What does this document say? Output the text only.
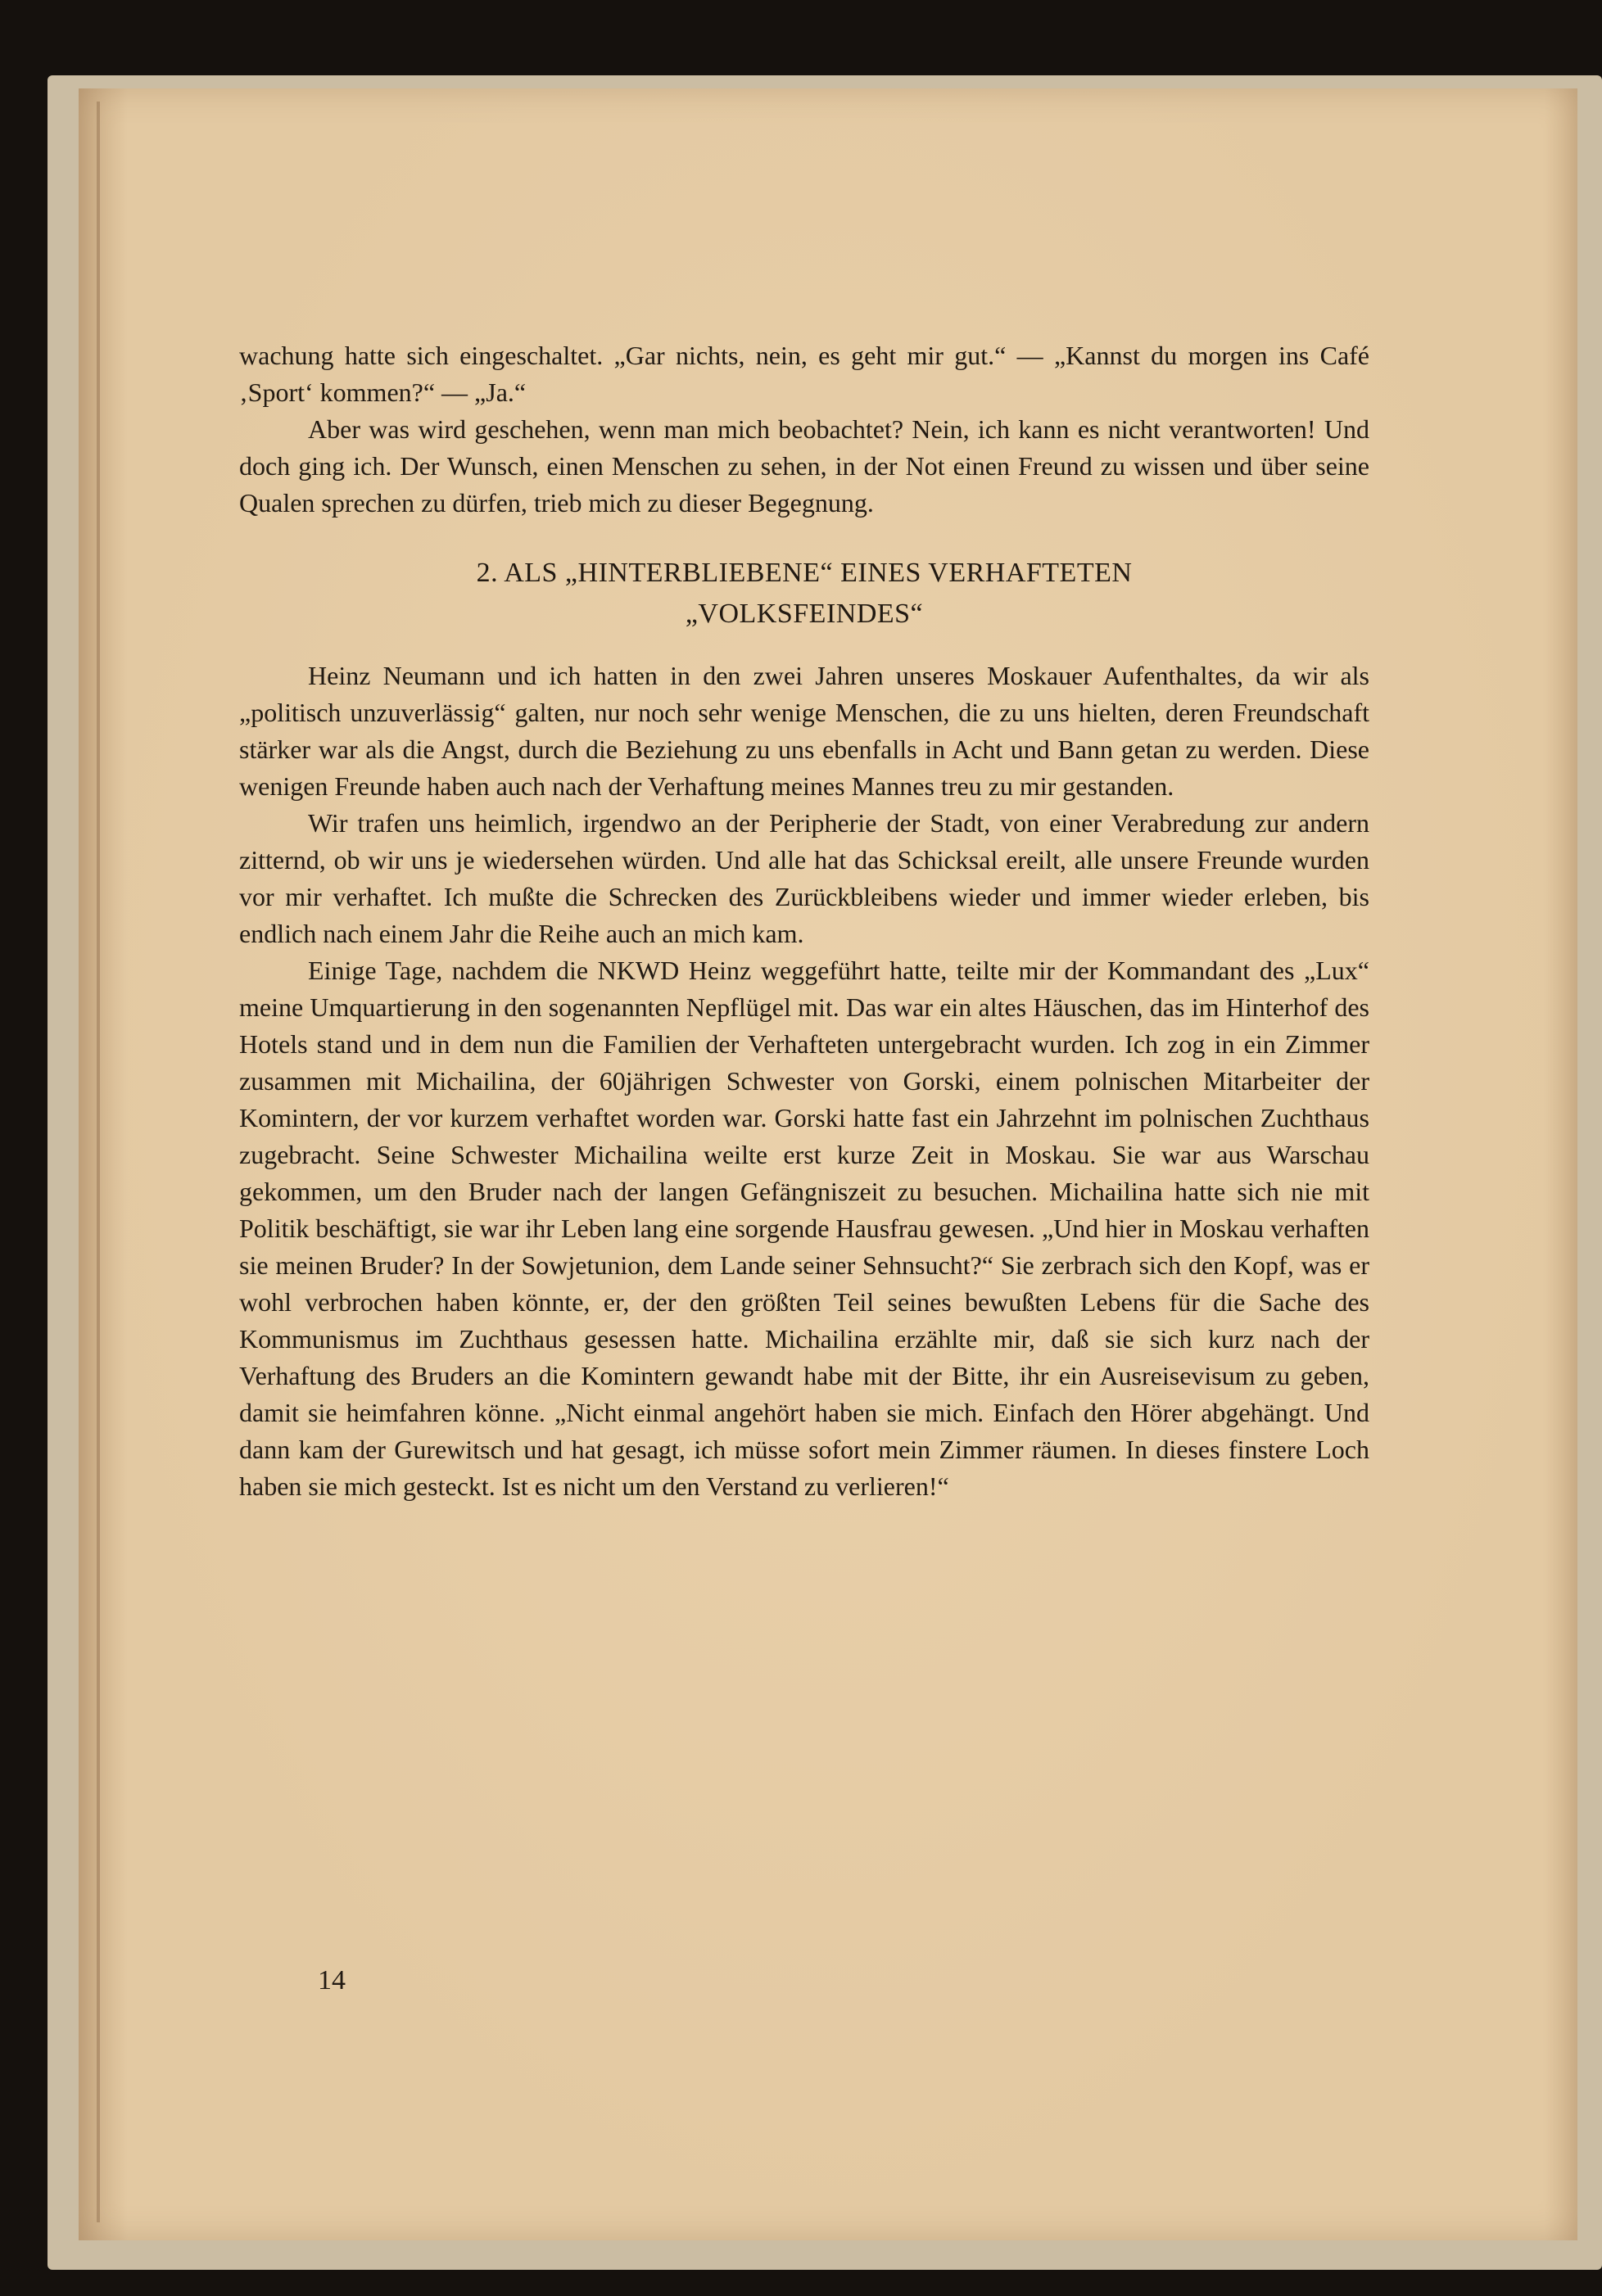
wachung hatte sich eingeschaltet. „Gar nichts, nein, es geht mir gut.“ — „Kannst du morgen ins Café ‚Sport‘ kommen?“ — „Ja.“

Aber was wird geschehen, wenn man mich beobachtet? Nein, ich kann es nicht verantworten! Und doch ging ich. Der Wunsch, einen Menschen zu sehen, in der Not einen Freund zu wissen und über seine Qualen sprechen zu dürfen, trieb mich zu dieser Begegnung.

2. ALS „HINTERBLIEBENE“ EINES VERHAFTETEN
„VOLKSFEINDES“

Heinz Neumann und ich hatten in den zwei Jahren unseres Moskauer Aufenthaltes, da wir als „politisch unzuverlässig“ galten, nur noch sehr wenige Menschen, die zu uns hielten, deren Freundschaft stärker war als die Angst, durch die Beziehung zu uns ebenfalls in Acht und Bann getan zu werden. Diese wenigen Freunde haben auch nach der Verhaftung meines Mannes treu zu mir gestanden.

Wir trafen uns heimlich, irgendwo an der Peripherie der Stadt, von einer Verabredung zur andern zitternd, ob wir uns je wiedersehen würden. Und alle hat das Schicksal ereilt, alle unsere Freunde wurden vor mir verhaftet. Ich mußte die Schrecken des Zurückbleibens wieder und immer wieder erleben, bis endlich nach einem Jahr die Reihe auch an mich kam.

Einige Tage, nachdem die NKWD Heinz weggeführt hatte, teilte mir der Kommandant des „Lux“ meine Umquartierung in den sogenannten Nepflügel mit. Das war ein altes Häuschen, das im Hinterhof des Hotels stand und in dem nun die Familien der Verhafteten untergebracht wurden. Ich zog in ein Zimmer zusammen mit Michailina, der 60jährigen Schwester von Gorski, einem polnischen Mitarbeiter der Komintern, der vor kurzem verhaftet worden war. Gorski hatte fast ein Jahrzehnt im polnischen Zuchthaus zugebracht. Seine Schwester Michailina weilte erst kurze Zeit in Moskau. Sie war aus Warschau gekommen, um den Bruder nach der langen Gefängniszeit zu besuchen. Michailina hatte sich nie mit Politik beschäftigt, sie war ihr Leben lang eine sorgende Hausfrau gewesen. „Und hier in Moskau verhaften sie meinen Bruder? In der Sowjetunion, dem Lande seiner Sehnsucht?“ Sie zerbrach sich den Kopf, was er wohl verbrochen haben könnte, er, der den größten Teil seines bewußten Lebens für die Sache des Kommunismus im Zuchthaus gesessen hatte. Michailina erzählte mir, daß sie sich kurz nach der Verhaftung des Bruders an die Komintern gewandt habe mit der Bitte, ihr ein Ausreisevisum zu geben, damit sie heimfahren könne. „Nicht einmal angehört haben sie mich. Einfach den Hörer abgehängt. Und dann kam der Gurewitsch und hat gesagt, ich müsse sofort mein Zimmer räumen. In dieses finstere Loch haben sie mich gesteckt. Ist es nicht um den Verstand zu verlieren!“

14
